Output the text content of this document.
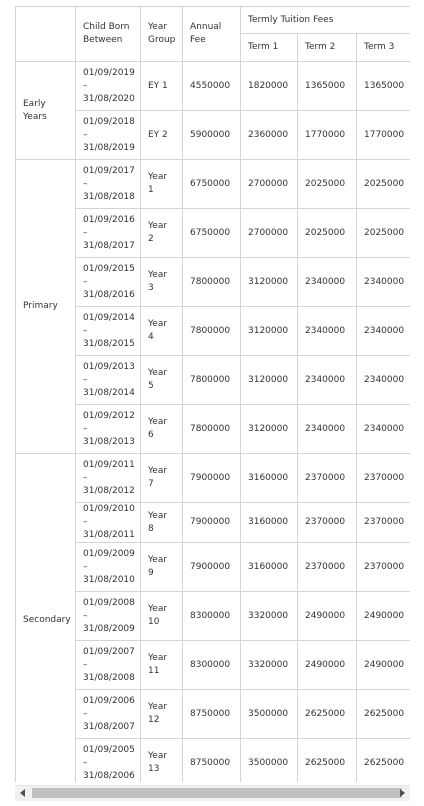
	Child Born Between	Year Group	Annual Fee	Termly Tuition Fees		
				Term 1	Term 2	Term 3
Early Years	01/09/2019 – 31/08/2020	EY 1	4550000	1820000	1365000	1365000
	01/09/2018 – 31/08/2019	EY 2	5900000	2360000	1770000	1770000
Primary	01/09/2017 – 31/08/2018	Year 1	6750000	2700000	2025000	2025000
	01/09/2016 – 31/08/2017	Year 2	6750000	2700000	2025000	2025000
	01/09/2015 – 31/08/2016	Year 3	7800000	3120000	2340000	2340000
	01/09/2014 – 31/08/2015	Year 4	7800000	3120000	2340000	2340000
	01/09/2013 – 31/08/2014	Year 5	7800000	3120000	2340000	2340000
	01/09/2012 – 31/08/2013	Year 6	7800000	3120000	2340000	2340000
Secondary	01/09/2011 – 31/08/2012	Year 7	7900000	3160000	2370000	2370000
	01/09/2010 – 31/08/2011	Year 8	7900000	3160000	2370000	2370000
	01/09/2009 – 31/08/2010	Year 9	7900000	3160000	2370000	2370000
	01/09/2008 – 31/08/2009	Year 10	8300000	3320000	2490000	2490000
	01/09/2007 – 31/08/2008	Year 11	8300000	3320000	2490000	2490000
	01/09/2006 – 31/08/2007	Year 12	8750000	3500000	2625000	2625000
	01/09/2005 – 31/08/2006	Year 13	8750000	3500000	2625000	2625000
